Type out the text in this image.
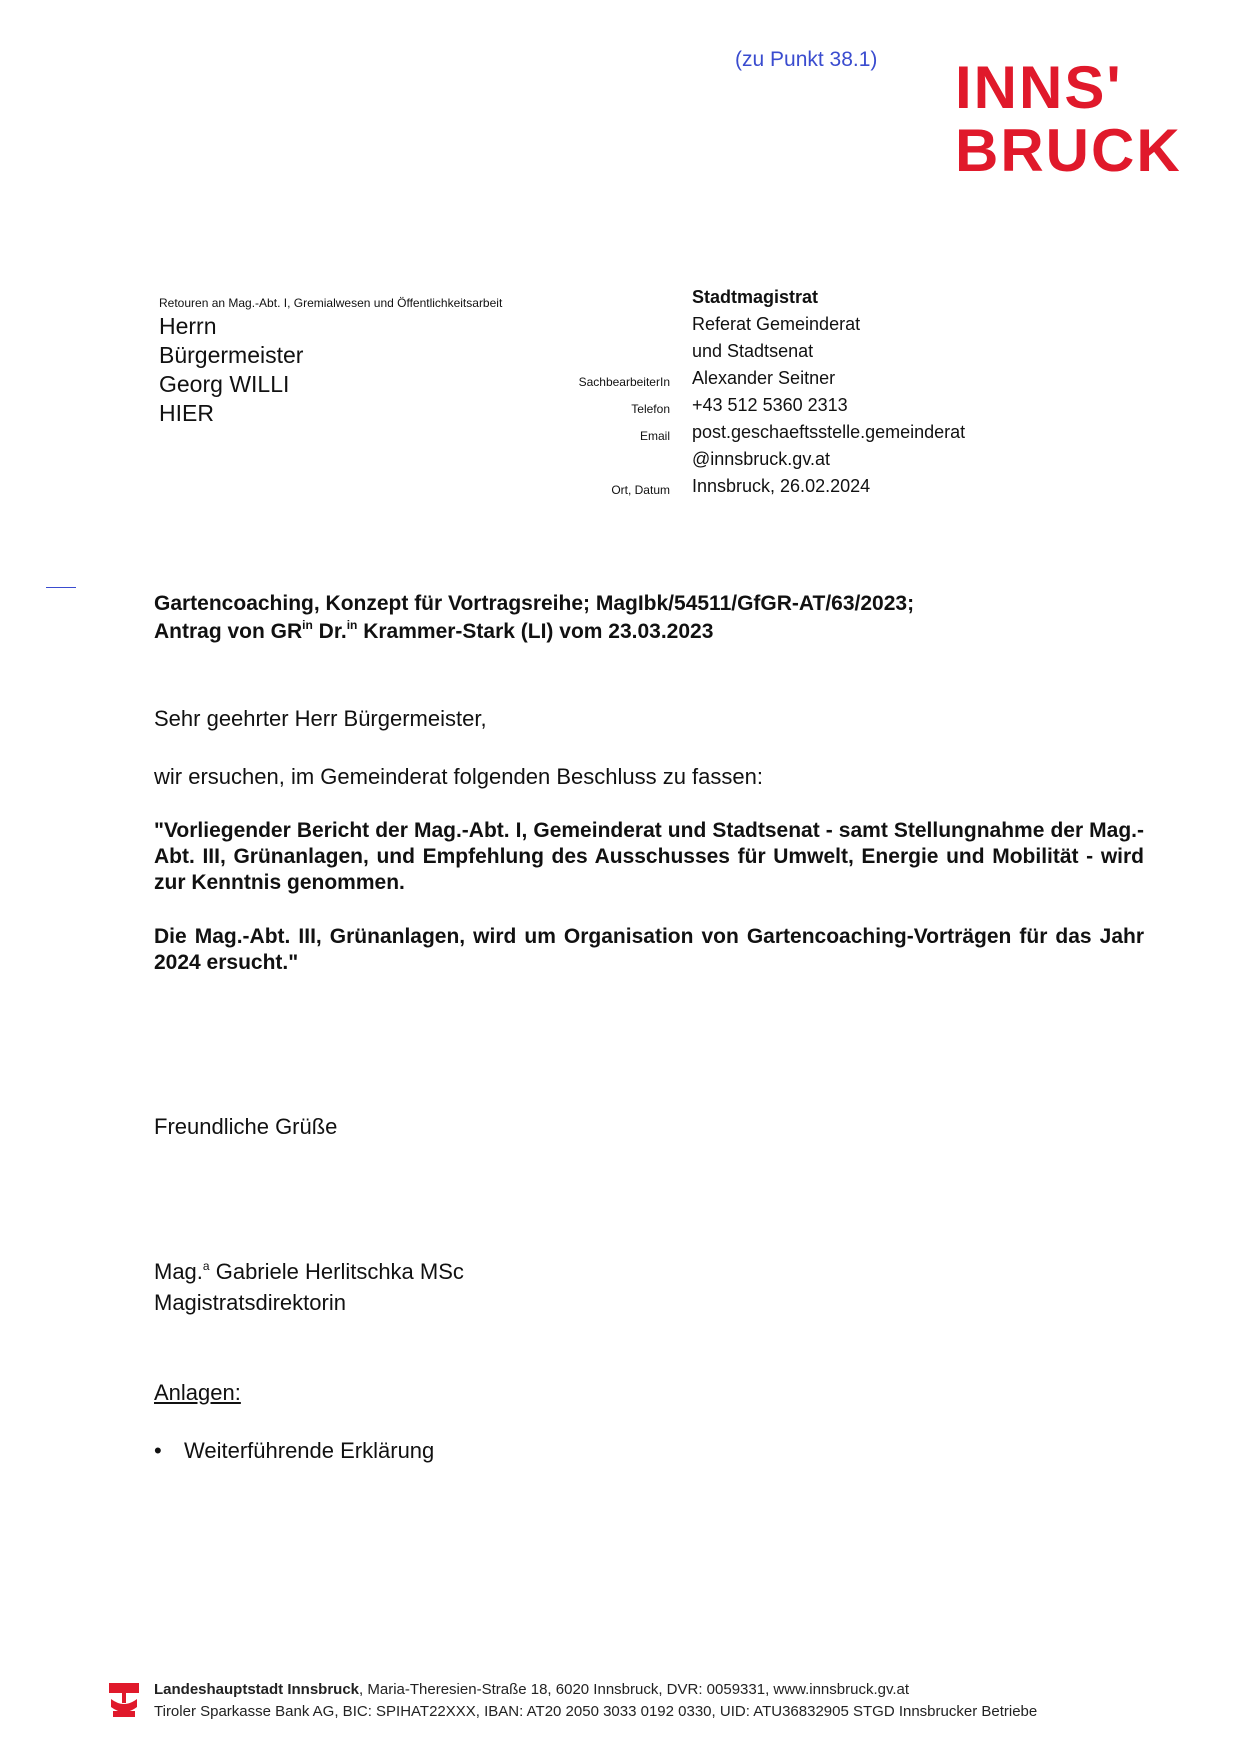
(zu Punkt 38.1) INNS'
BRUCK
Retouren an Mag.-Abt. I, Gremialwesen und Öffentlichkeitsarbeit
Herrn
Bürgermeister
Georg WILLI
HIER
Stadtmagistrat
Referat Gemeinderat
und Stadtsenat
SachbearbeiterIn Alexander Seitner
Telefon +43 512 5360 2313
Email post.geschaeftsstelle.gemeinderat
@innsbruck.gv.at
Ort, Datum Innsbruck, 26.02.2024
Gartencoaching, Konzept für Vortragsreihe; MagIbk/54511/GfGR-AT/63/2023;
Antrag von $GR^{in}$ Dr.$^{in}$ Krammer-Stark (LI) vom 23.03.2023
Sehr geehrter Herr Bürgermeister,
wir ersuchen, im Gemeinderat folgenden Beschluss zu fassen:
"Vorliegender Bericht der Mag.-Abt. I, Gemeinderat und Stadtsenat - samt Stellungnahme der Mag.-Abt. III, Grünanlagen, und Empfehlung des Ausschusses für Umwelt, Energie und Mobilität - wird zur Kenntnis genommen.
Die Mag.-Abt. III, Grünanlagen, wird um Organisation von Gartencoaching-Vorträgen für das Jahr 2024 ersucht."
Freundliche Grüße
Mag.$^a$ Gabriele Herlitschka MSc
Magistratsdirektorin
Anlagen:
• Weiterführende Erklärung
Landeshauptstadt Innsbruck, Maria-Theresien-Straße 18, 6020 Innsbruck, DVR: 0059331, www.innsbruck.gv.at
Tiroler Sparkasse Bank AG, BIC: SPIHAT22XXX, IBAN: AT20 2050 3033 0192 0330, UID: ATU36832905 STGD Innsbrucker Betriebe
